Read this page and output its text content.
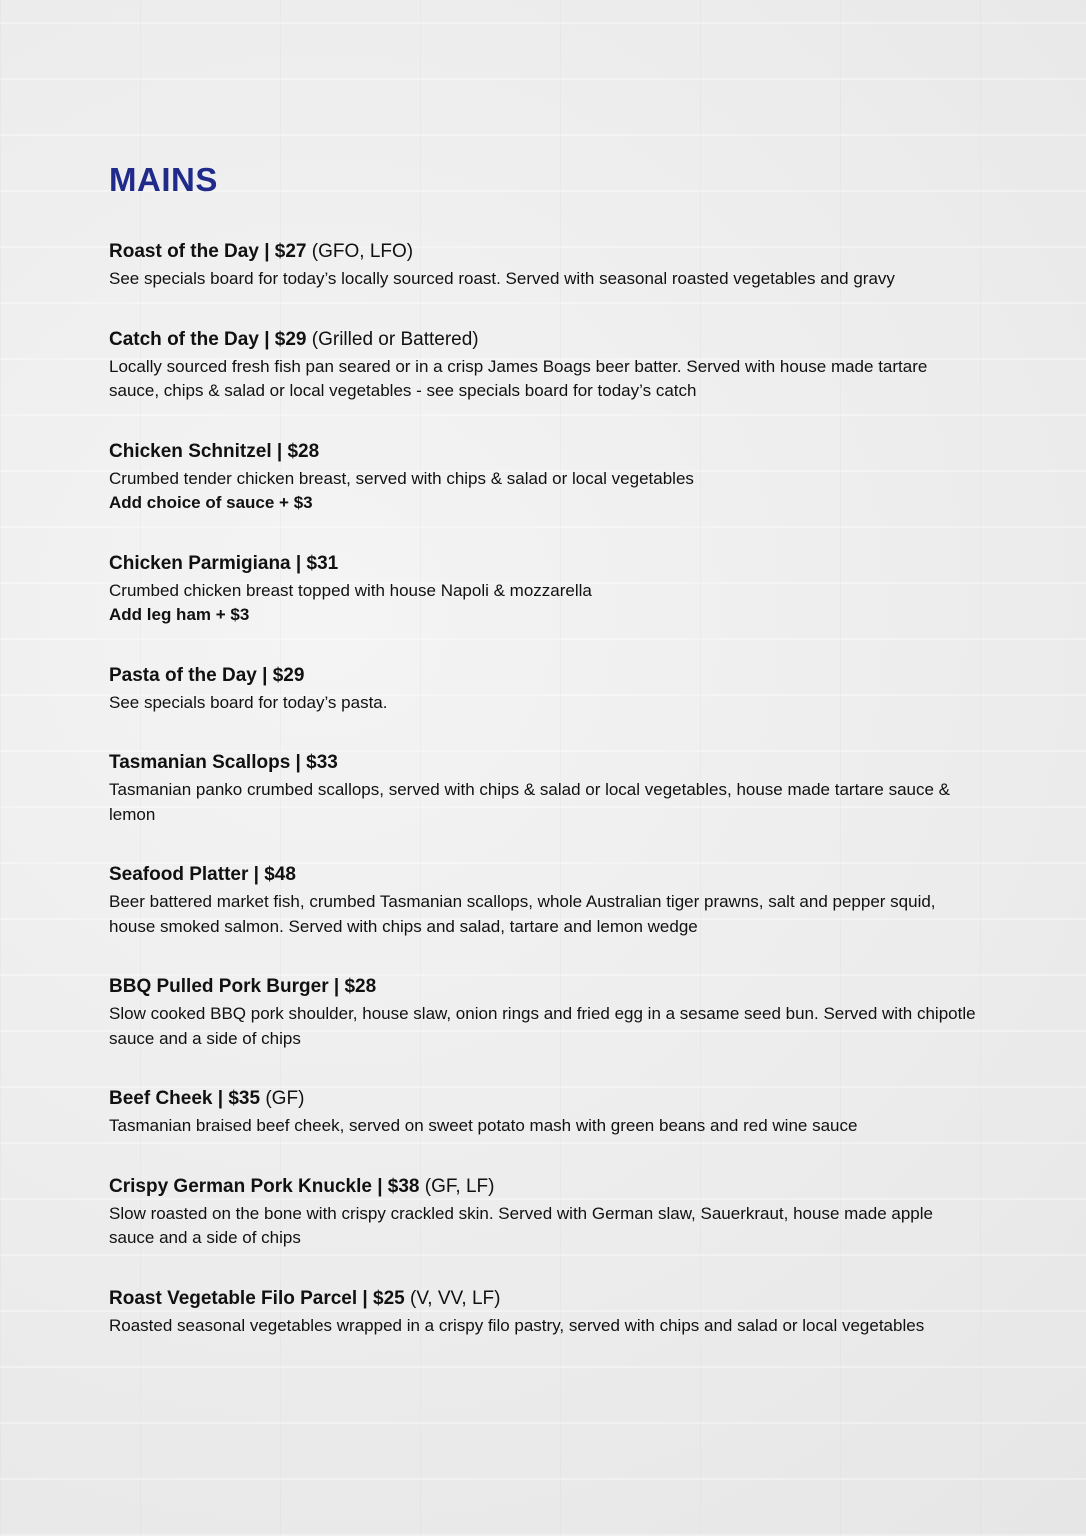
MAINS
Roast of the Day | $27 (GFO, LFO)
See specials board for today’s locally sourced roast. Served with seasonal roasted vegetables and gravy
Catch of the Day | $29 (Grilled or Battered)
Locally sourced fresh fish pan seared or in a crisp James Boags beer batter. Served with house made tartare sauce, chips & salad or local vegetables - see specials board for today’s catch
Chicken Schnitzel | $28
Crumbed tender chicken breast, served with chips & salad or local vegetables
Add choice of sauce + $3
Chicken Parmigiana | $31
Crumbed chicken breast topped with house Napoli & mozzarella
Add leg ham + $3
Pasta of the Day | $29
See specials board for today’s pasta.
Tasmanian Scallops | $33
Tasmanian panko crumbed scallops, served with chips & salad or local vegetables, house made tartare sauce & lemon
Seafood Platter | $48
Beer battered market fish, crumbed Tasmanian scallops, whole Australian tiger prawns, salt and pepper squid, house smoked salmon. Served with chips and salad, tartare and lemon wedge
BBQ Pulled Pork Burger | $28
Slow cooked BBQ pork shoulder, house slaw, onion rings and fried egg in a sesame seed bun. Served with chipotle sauce and a side of chips
Beef Cheek | $35 (GF)
Tasmanian braised beef cheek, served on sweet potato mash with green beans and red wine sauce
Crispy German Pork Knuckle | $38 (GF, LF)
Slow roasted on the bone with crispy crackled skin. Served with German slaw, Sauerkraut, house made apple sauce and a side of chips
Roast Vegetable Filo Parcel | $25 (V, VV, LF)
Roasted seasonal vegetables wrapped in a crispy filo pastry, served with chips and salad or local vegetables
